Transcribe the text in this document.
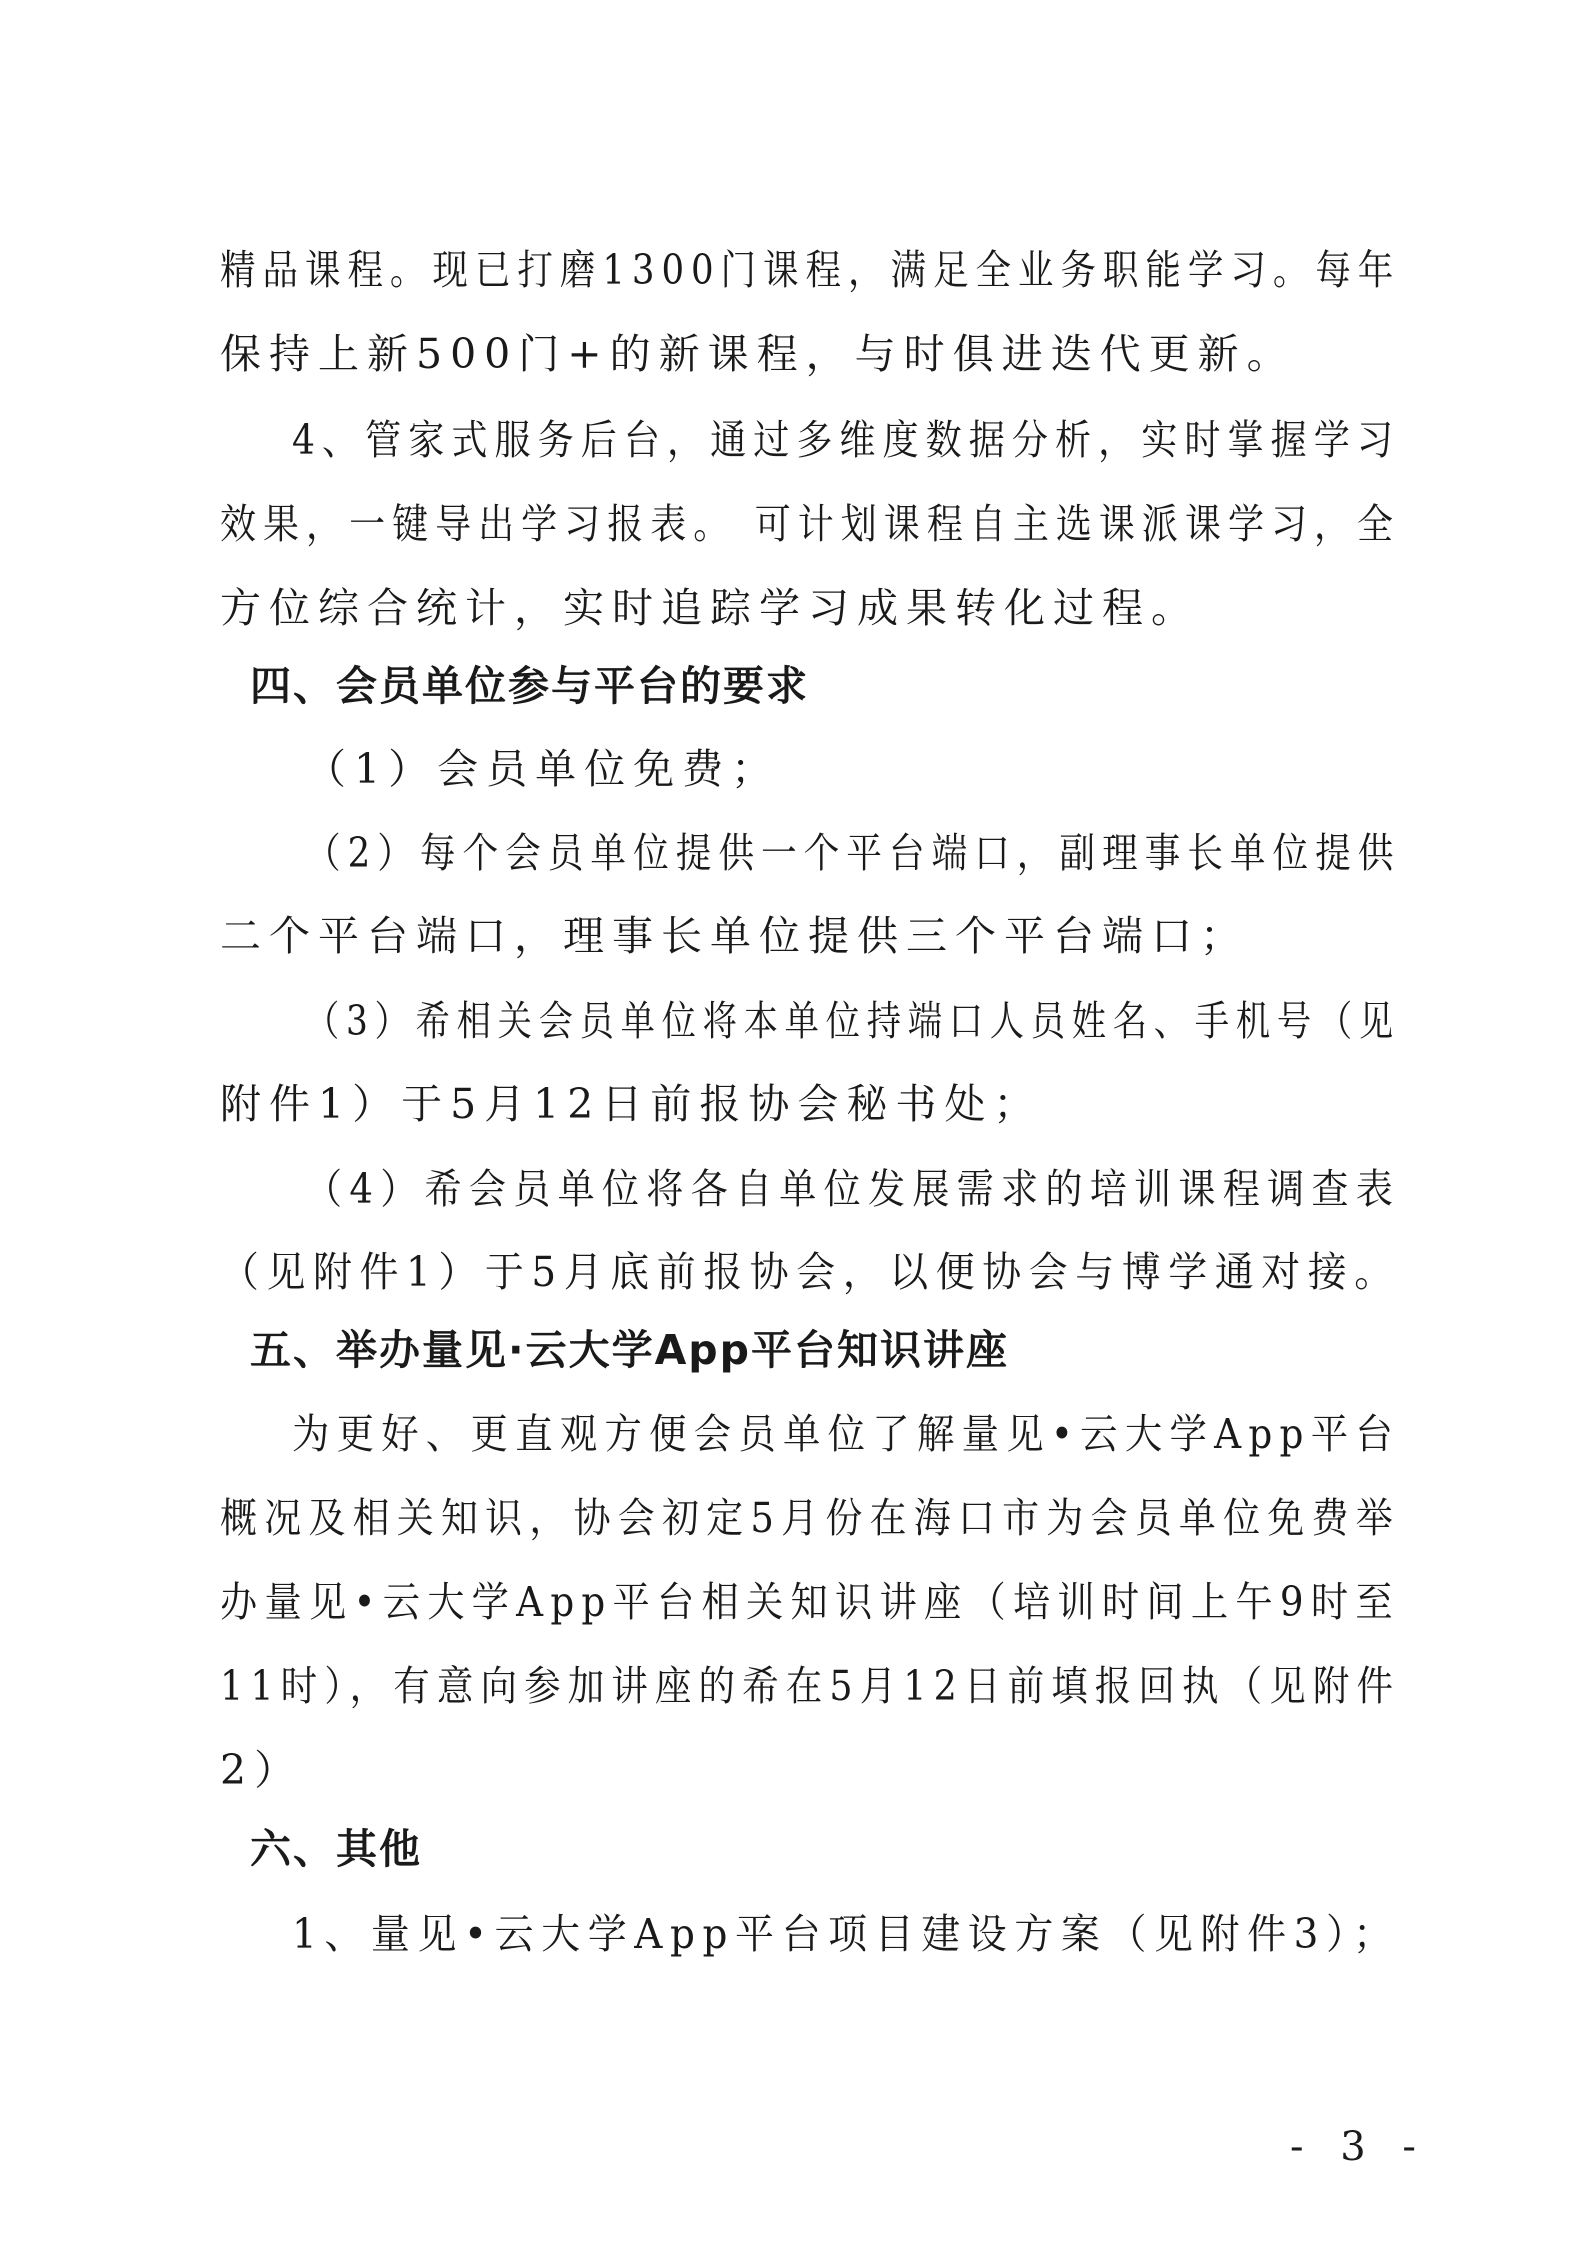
精品课程。现已打磨1300门课程，满足全业务职能学习。每年
保持上新500门+的新课程，与时俱进迭代更新。
4、管家式服务后台，通过多维度数据分析，实时掌握学习
效果，一键导出学习报表。 可计划课程自主选课派课学习，全
方位综合统计，实时追踪学习成果转化过程。
四、会员单位参与平台的要求
（1）会员单位免费；
（2）每个会员单位提供一个平台端口，副理事长单位提供
二个平台端口，理事长单位提供三个平台端口；
（3）希相关会员单位将本单位持端口人员姓名、手机号（见
附件1）于5月12日前报协会秘书处；
（4）希会员单位将各自单位发展需求的培训课程调查表
（见附件1）于5月底前报协会，以便协会与博学通对接。
五、举办量见·云大学App平台知识讲座
为更好、更直观方便会员单位了解量见•云大学App平台
概况及相关知识，协会初定5月份在海口市为会员单位免费举
办量见•云大学App平台相关知识讲座（培训时间上午9时至
11时），有意向参加讲座的希在5月12日前填报回执（见附件
2）
六、其他
1、量见•云大学App平台项目建设方案（见附件3）；
- 3 -
